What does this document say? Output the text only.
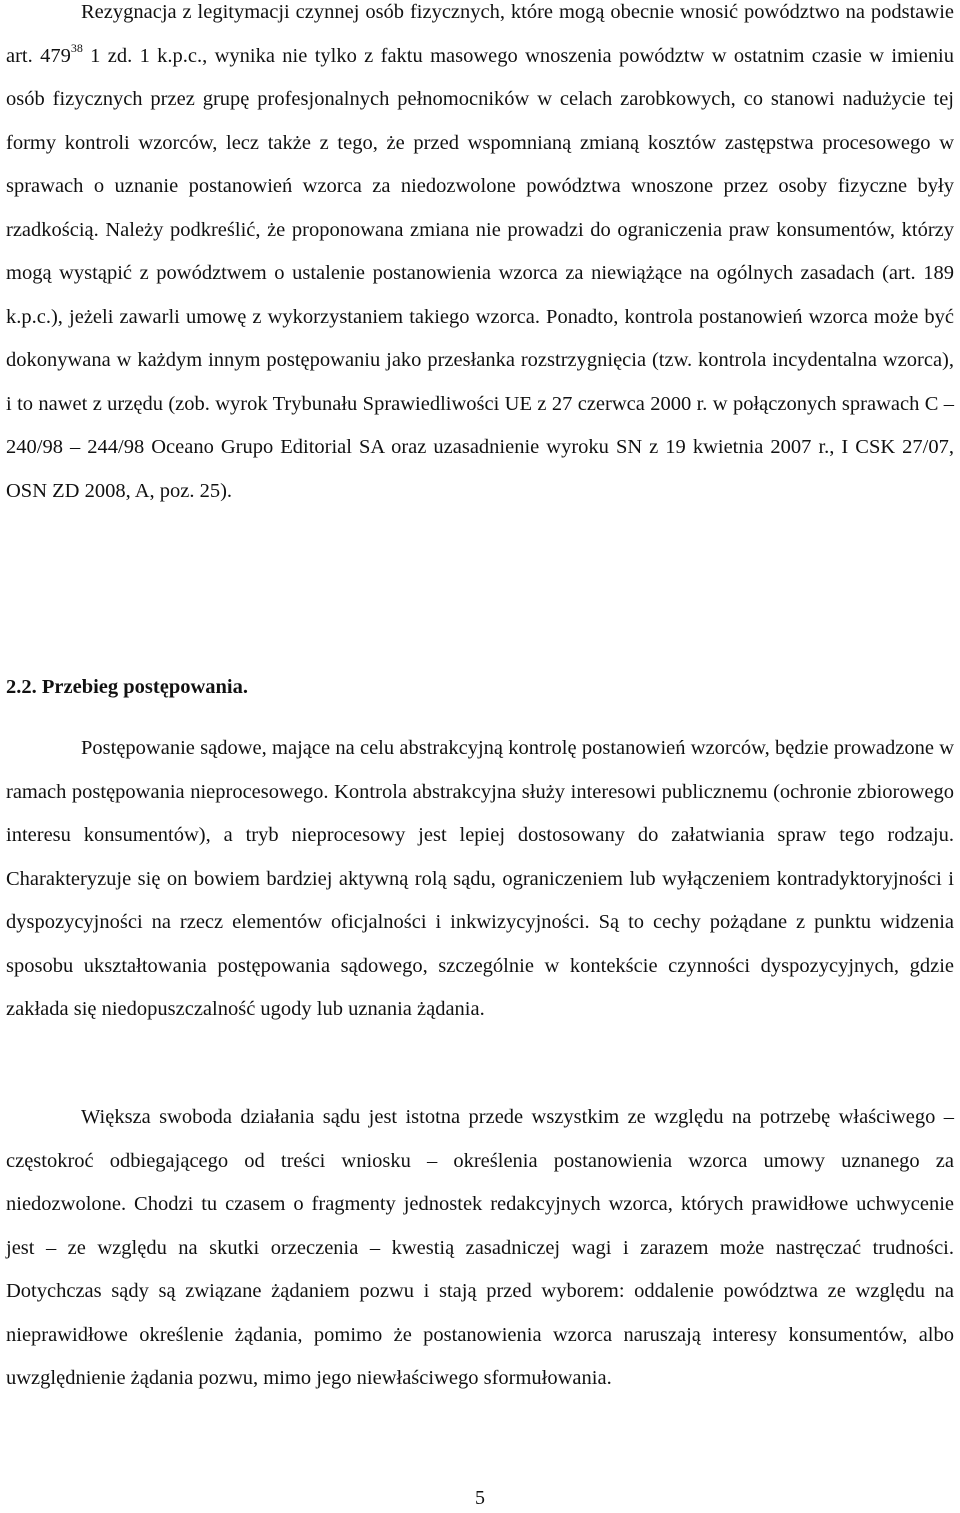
Rezygnacja z legitymacji czynnej osób fizycznych, które mogą obecnie wnosić powództwo na podstawie art. $479^{38}$ 1 zd. 1 k.p.c., wynika nie tylko z faktu masowego wnoszenia powództw w ostatnim czasie w imieniu osób fizycznych przez grupę profesjonalnych pełnomocników w celach zarobkowych, co stanowi nadużycie tej formy kontroli wzorców, lecz także z tego, że przed wspomnianą zmianą kosztów zastępstwa procesowego w sprawach o uznanie postanowień wzorca za niedozwolone powództwa wnoszone przez osoby fizyczne były rzadkością. Należy podkreślić, że proponowana zmiana nie prowadzi do ograniczenia praw konsumentów, którzy mogą wystąpić z powództwem o ustalenie postanowienia wzorca za niewiążące na ogólnych zasadach (art. 189 k.p.c.), jeżeli zawarli umowę z wykorzystaniem takiego wzorca. Ponadto, kontrola postanowień wzorca może być dokonywana w każdym innym postępowaniu jako przesłanka rozstrzygnięcia (tzw. kontrola incydentalna wzorca), i to nawet z urzędu (zob. wyrok Trybunału Sprawiedliwości UE z 27 czerwca 2000 r. w połączonych sprawach C – 240/98 – 244/98 Oceano Grupo Editorial SA oraz uzasadnienie wyroku SN z 19 kwietnia 2007 r., I CSK 27/07, OSN ZD 2008, A, poz. 25).

2.2. Przebieg postępowania.

Postępowanie sądowe, mające na celu abstrakcyjną kontrolę postanowień wzorców, będzie prowadzone w ramach postępowania nieprocesowego. Kontrola abstrakcyjna służy interesowi publicznemu (ochronie zbiorowego interesu konsumentów), a tryb nieprocesowy jest lepiej dostosowany do załatwiania spraw tego rodzaju. Charakteryzuje się on bowiem bardziej aktywną rolą sądu, ograniczeniem lub wyłączeniem kontradyktoryjności i dyspozycyjności na rzecz elementów oficjalności i inkwizycyjności. Są to cechy pożądane z punktu widzenia sposobu ukształtowania postępowania sądowego, szczególnie w kontekście czynności dyspozycyjnych, gdzie zakłada się niedopuszczalność ugody lub uznania żądania.

Większa swoboda działania sądu jest istotna przede wszystkim ze względu na potrzebę właściwego – częstokroć odbiegającego od treści wniosku – określenia postanowienia wzorca umowy uznanego za niedozwolone. Chodzi tu czasem o fragmenty jednostek redakcyjnych wzorca, których prawidłowe uchwycenie jest – ze względu na skutki orzeczenia – kwestią zasadniczej wagi i zarazem może nastręczać trudności. Dotychczas sądy są związane żądaniem pozwu i stają przed wyborem: oddalenie powództwa ze względu na nieprawidłowe określenie żądania, pomimo że postanowienia wzorca naruszają interesy konsumentów, albo uwzględnienie żądania pozwu, mimo jego niewłaściwego sformułowania.

5
